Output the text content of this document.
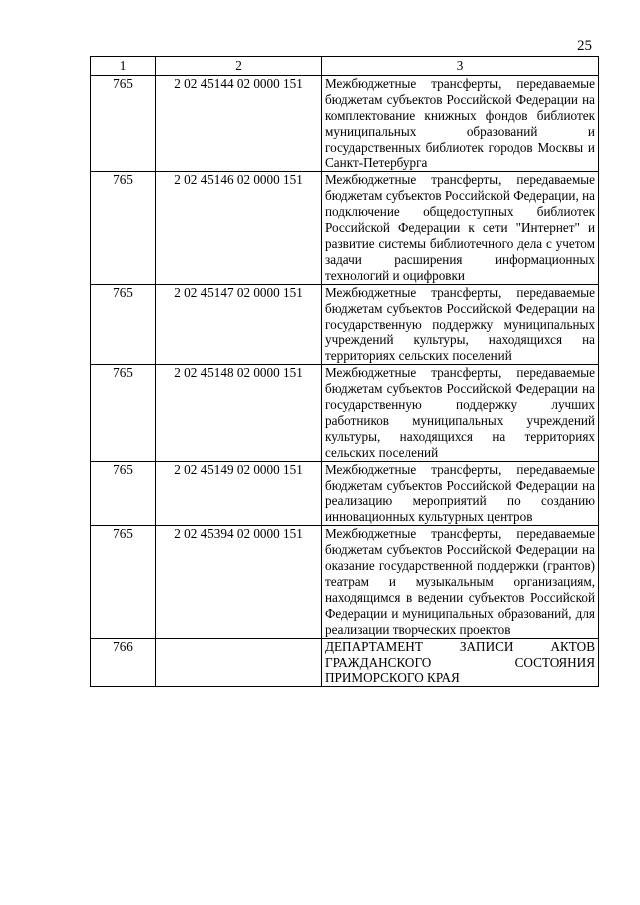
25
1	2	3
765	2 02 45144 02 0000 151	Межбюджетные трансферты, передаваемые бюджетам субъектов Российской Федерации на комплектование книжных фондов библиотек муниципальных образований и государственных библиотек городов Москвы и Санкт-Петербурга
765	2 02 45146 02 0000 151	Межбюджетные трансферты, передаваемые бюджетам субъектов Российской Федерации, на подключение общедоступных библиотек Российской Федерации к сети "Интернет" и развитие системы библиотечного дела с учетом задачи расширения информационных технологий и оцифровки
765	2 02 45147 02 0000 151	Межбюджетные трансферты, передаваемые бюджетам субъектов Российской Федерации на государственную поддержку муниципальных учреждений культуры, находящихся на территориях сельских поселений
765	2 02 45148 02 0000 151	Межбюджетные трансферты, передаваемые бюджетам субъектов Российской Федерации на государственную поддержку лучших работников муниципальных учреждений культуры, находящихся на территориях сельских поселений
765	2 02 45149 02 0000 151	Межбюджетные трансферты, передаваемые бюджетам субъектов Российской Федерации на реализацию мероприятий по созданию инновационных культурных центров
765	2 02 45394 02 0000 151	Межбюджетные трансферты, передаваемые бюджетам субъектов Российской Федерации на оказание государственной поддержки (грантов) театрам и музыкальным организациям, находящимся в ведении субъектов Российской Федерации и муниципальных образований, для реализации творческих проектов
766		ДЕПАРТАМЕНТ ЗАПИСИ АКТОВ ГРАЖДАНСКОГО СОСТОЯНИЯ ПРИМОРСКОГО КРАЯ
